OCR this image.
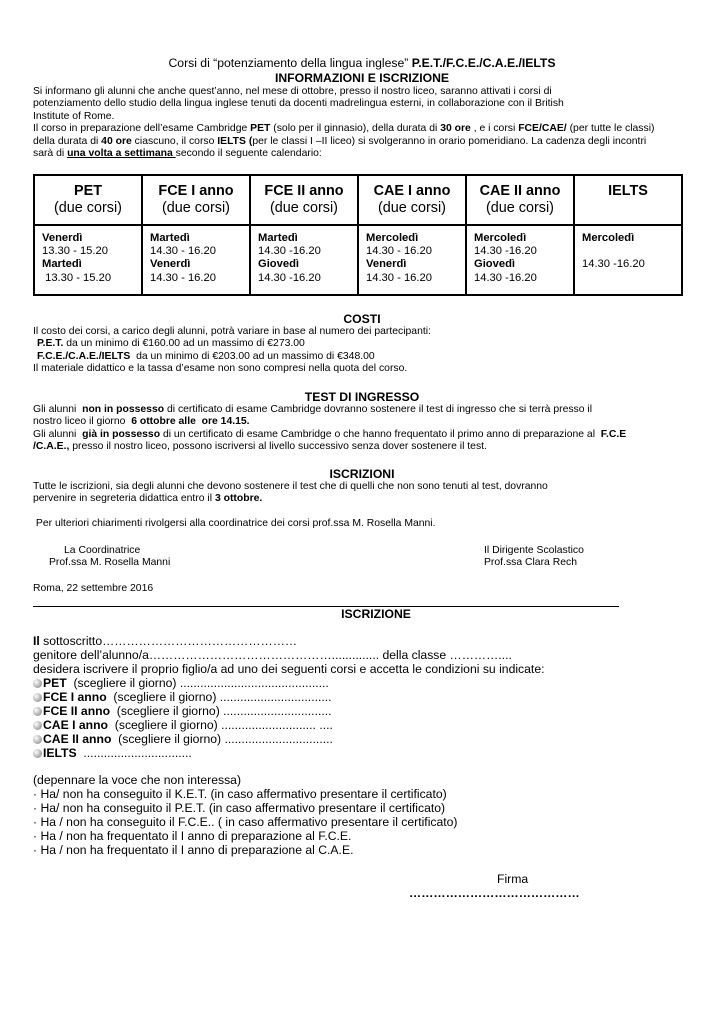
Corsi di “potenziamento della lingua inglese” P.E.T./F.C.E./C.A.E./IELTS
INFORMAZIONI E ISCRIZIONE
Si informano gli alunni che anche quest’anno, nel mese di ottobre, presso il nostro liceo, saranno attivati i corsi di
potenziamento dello studio della lingua inglese tenuti da docenti madrelingua esterni, in collaborazione con il British
Institute of Rome.
Il corso in preparazione dell’esame Cambridge PET (solo per il ginnasio), della durata di 30 ore , e i corsi FCE/CAE/ (per tutte le classi)
della durata di 40 ore ciascuno, il corso IELTS (per le classi I –II liceo) si svolgeranno in orario pomeridiano. La cadenza degli incontri
sarà di una volta a settimana secondo il seguente calendario:
PET
(due corsi)
Venerdì
13.30 - 15.20
Martedì
13.30 - 15.20
FCE I anno
(due corsi)
Martedì
14.30 - 16.20
Venerdì
14.30 - 16.20
FCE II anno
(due corsi)
Martedì
14.30 -16.20
Giovedì
14.30 -16.20
CAE I anno
(due corsi)
Mercoledì
14.30 - 16.20
Venerdì
14.30 - 16.20
CAE II anno
(due corsi)
Mercoledì
14.30 -16.20
Giovedì
14.30 -16.20
IELTS
Mercoledì
14.30 -16.20
COSTI
Il costo dei corsi, a carico degli alunni, potrà variare in base al numero dei partecipanti:
P.E.T. da un minimo di €160.00 ad un massimo di €273.00
F.C.E./C.A.E./IELTS  da un minimo di €203.00 ad un massimo di €348.00
Il materiale didattico e la tassa d’esame non sono compresi nella quota del corso.
TEST DI INGRESSO
Gli alunni  non in possesso di certificato di esame Cambridge dovranno sostenere il test di ingresso che si terrà presso il
nostro liceo il giorno  6 ottobre alle  ore 14.15.
Gli alunni  già in possesso di un certificato di esame Cambridge o che hanno frequentato il primo anno di preparazione al  F.C.E
/C.A.E., presso il nostro liceo, possono iscriversi al livello successivo senza dover sostenere il test.
ISCRIZIONI
Tutte le iscrizioni, sia degli alunni che devono sostenere il test che di quelli che non sono tenuti al test, dovranno
pervenire in segreteria didattica entro il 3 ottobre.
Per ulteriori chiarimenti rivolgersi alla coordinatrice dei corsi prof.ssa M. Rosella Manni.
La Coordinatrice
Prof.ssa M. Rosella Manni
Il Dirigente Scolastico
Prof.ssa Clara Rech
Roma, 22 settembre 2016
ISCRIZIONE
Il sottoscritto…………………………………………
genitore dell’alunno/a……………………………………….............. della classe …………....
desidera iscrivere il proprio figlio/a ad uno dei seguenti corsi e accetta le condizioni su indicate:
PET  (scegliere il giorno) ............................................
FCE I anno  (scegliere il giorno) .................................
FCE II anno  (scegliere il giorno) ................................
CAE I anno  (scegliere il giorno) ............................ ....
CAE II anno  (scegliere il giorno) ................................
IELTS  ................................
(depennare la voce che non interessa)
· Ha/ non ha conseguito il K.E.T. (in caso affermativo presentare il certificato)
· Ha/ non ha conseguito il P.E.T. (in caso affermativo presentare il certificato)
· Ha / non ha conseguito il F.C.E.. ( in caso affermativo presentare il certificato)
· Ha / non ha frequentato il I anno di preparazione al F.C.E.
· Ha / non ha frequentato il I anno di preparazione al C.A.E.
Firma
……………………………………
